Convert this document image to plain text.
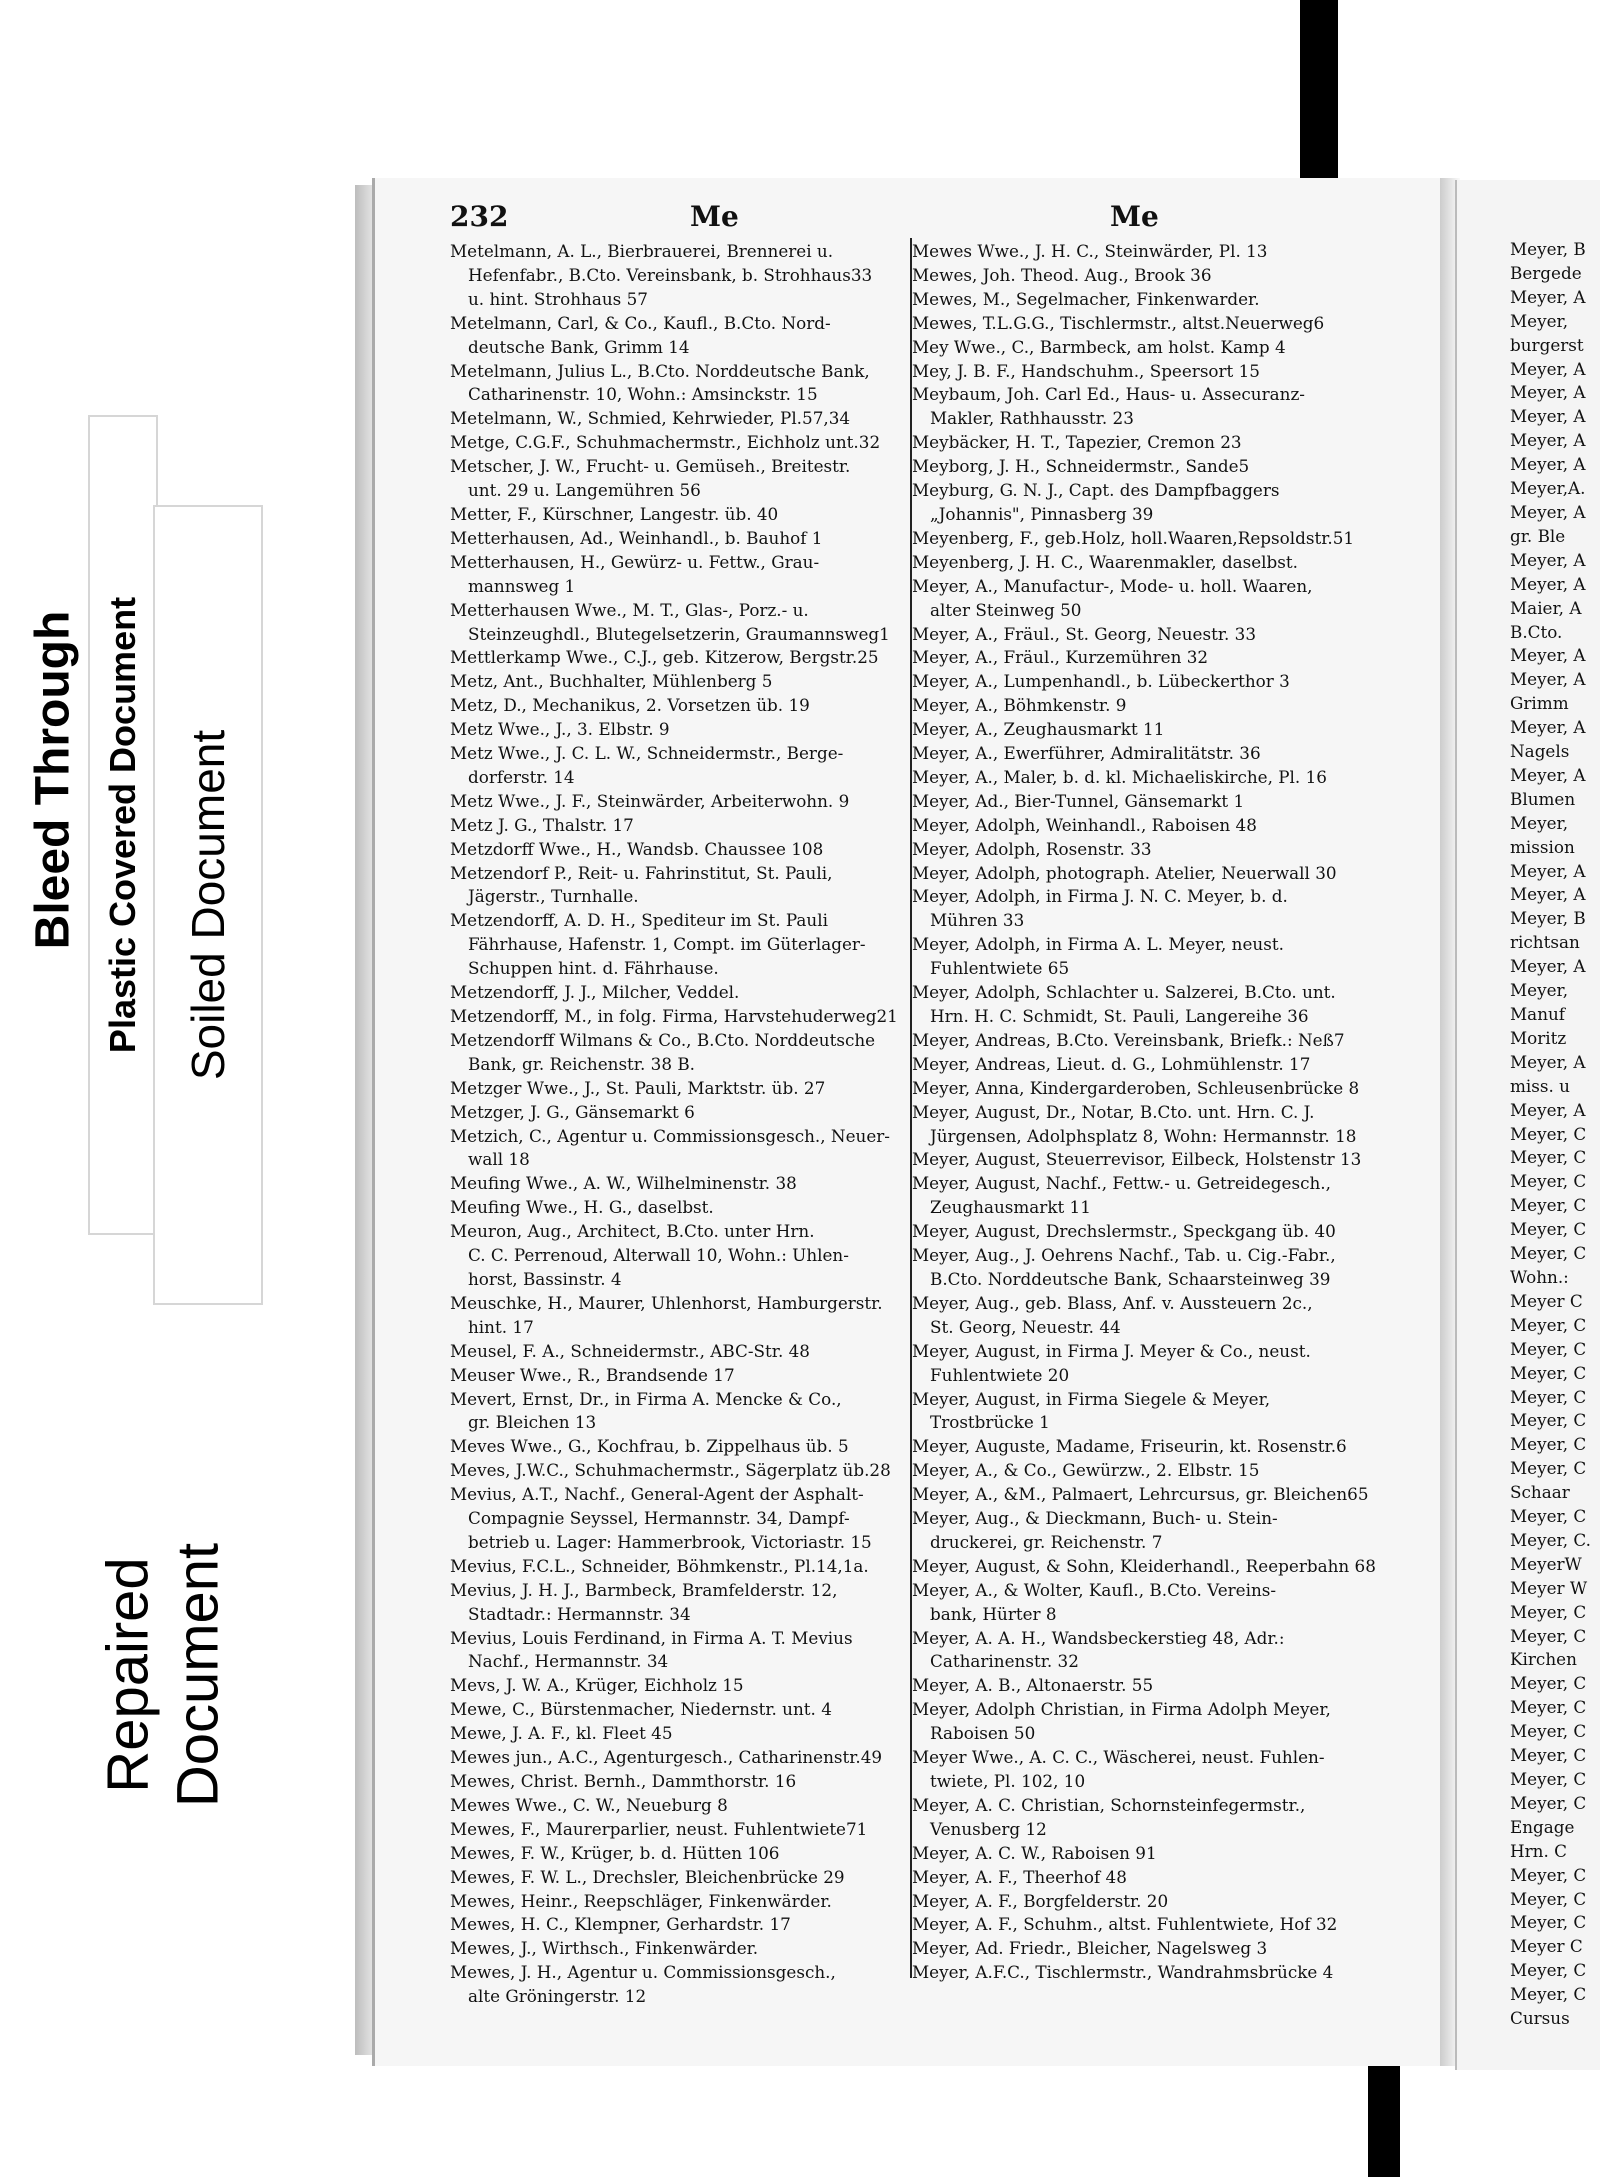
Bleed Through Plastic Covered Document Soiled Document
Repaired Document
232	Me	Me

Metelmann, A. L., Bierbrauerei, Brennerei u.

Hefenfabr., B.Cto. Vereinsbank, b. Strohhaus33

u. hint. Strohhaus 57

Metelmann, Carl, & Co., Kaufl., B.Cto. Nord-

deutsche Bank, Grimm 14

Metelmann, Julius L., B.Cto. Norddeutsche Bank,

Catharinenstr. 10, Wohn.: Amsinckstr. 15

Metelmann, W., Schmied, Kehrwieder, Pl.57,34

Metge, C.G.F., Schuhmachermstr., Eichholz unt.32

Metscher, J. W., Frucht- u. Gemüseh., Breitestr.

unt. 29 u. Langemühren 56

Metter, F., Kürschner, Langestr. üb. 40

Metterhausen, Ad., Weinhandl., b. Bauhof 1

Metterhausen, H., Gewürz- u. Fettw., Grau-

mannsweg 1

Metterhausen Wwe., M. T., Glas-, Porz.- u.

Steinzeughdl., Blutegelsetzerin, Graumannsweg1

Mettlerkamp Wwe., C.J., geb. Kitzerow, Bergstr.25

Metz, Ant., Buchhalter, Mühlenberg 5

Metz, D., Mechanikus, 2. Vorsetzen üb. 19

Metz Wwe., J., 3. Elbstr. 9

Metz Wwe., J. C. L. W., Schneidermstr., Berge-

dorferstr. 14

Metz Wwe., J. F., Steinwärder, Arbeiterwohn. 9

Metz J. G., Thalstr. 17

Metzdorff Wwe., H., Wandsb. Chaussee 108

Metzendorf P., Reit- u. Fahrinstitut, St. Pauli,

Jägerstr., Turnhalle.

Metzendorff, A. D. H., Spediteur im St. Pauli

Fährhause, Hafenstr. 1, Compt. im Güterlager-

Schuppen hint. d. Fährhause.

Metzendorff, J. J., Milcher, Veddel.

Metzendorff, M., in folg. Firma, Harvstehuderweg21

Metzendorff Wilmans & Co., B.Cto. Norddeutsche

Bank, gr. Reichenstr. 38 B.

Metzger Wwe., J., St. Pauli, Marktstr. üb. 27

Metzger, J. G., Gänsemarkt 6

Metzich, C., Agentur u. Commissionsgesch., Neuer-

wall 18

Meufing Wwe., A. W., Wilhelminenstr. 38

Meufing Wwe., H. G., daselbst.

Meuron, Aug., Architect, B.Cto. unter Hrn.

C. C. Perrenoud, Alterwall 10, Wohn.: Uhlen-

horst, Bassinstr. 4

Meuschke, H., Maurer, Uhlenhorst, Hamburgerstr.

hint. 17

Meusel, F. A., Schneidermstr., ABC-Str. 48

Meuser Wwe., R., Brandsende 17

Mevert, Ernst, Dr., in Firma A. Mencke & Co.,

gr. Bleichen 13

Meves Wwe., G., Kochfrau, b. Zippelhaus üb. 5

Meves, J.W.C., Schuhmachermstr., Sägerplatz üb.28

Mevius, A.T., Nachf., General-Agent der Asphalt-

Compagnie Seyssel, Hermannstr. 34, Dampf-

betrieb u. Lager: Hammerbrook, Victoriastr. 15

Mevius, F.C.L., Schneider, Böhmkenstr., Pl.14,1a.

Mevius, J. H. J., Barmbeck, Bramfelderstr. 12,

Stadtadr.: Hermannstr. 34

Mevius, Louis Ferdinand, in Firma A. T. Mevius

Nachf., Hermannstr. 34

Mevs, J. W. A., Krüger, Eichholz 15

Mewe, C., Bürstenmacher, Niedernstr. unt. 4

Mewe, J. A. F., kl. Fleet 45

Mewes jun., A.C., Agenturgesch., Catharinenstr.49

Mewes, Christ. Bernh., Dammthorstr. 16

Mewes Wwe., C. W., Neueburg 8

Mewes, F., Maurerparlier, neust. Fuhlentwiete71

Mewes, F. W., Krüger, b. d. Hütten 106

Mewes, F. W. L., Drechsler, Bleichenbrücke 29

Mewes, Heinr., Reepschläger, Finkenwärder.

Mewes, H. C., Klempner, Gerhardstr. 17

Mewes, J., Wirthsch., Finkenwärder.

Mewes, J. H., Agentur u. Commissionsgesch.,

alte Gröningerstr. 12

Mewes Wwe., J. H. C., Steinwärder, Pl. 13

Mewes, Joh. Theod. Aug., Brook 36

Mewes, M., Segelmacher, Finkenwarder.

Mewes, T.L.G.G., Tischlermstr., altst.Neuerweg6

Mey Wwe., C., Barmbeck, am holst. Kamp 4

Mey, J. B. F., Handschuhm., Speersort 15

Meybaum, Joh. Carl Ed., Haus- u. Assecuranz-

Makler, Rathhausstr. 23

Meybäcker, H. T., Tapezier, Cremon 23

Meyborg, J. H., Schneidermstr., Sande5

Meyburg, G. N. J., Capt. des Dampfbaggers

„Johannis", Pinnasberg 39

Meyenberg, F., geb.Holz, holl.Waaren,Repsoldstr.51

Meyenberg, J. H. C., Waarenmakler, daselbst.

Meyer, A., Manufactur-, Mode- u. holl. Waaren,

alter Steinweg 50

Meyer, A., Fräul., St. Georg, Neuestr. 33

Meyer, A., Fräul., Kurzemühren 32

Meyer, A., Lumpenhandl., b. Lübeckerthor 3

Meyer, A., Böhmkenstr. 9

Meyer, A., Zeughausmarkt 11

Meyer, A., Ewerführer, Admiralitätstr. 36

Meyer, A., Maler, b. d. kl. Michaeliskirche, Pl. 16

Meyer, Ad., Bier-Tunnel, Gänsemarkt 1

Meyer, Adolph, Weinhandl., Raboisen 48

Meyer, Adolph, Rosenstr. 33

Meyer, Adolph, photograph. Atelier, Neuerwall 30

Meyer, Adolph, in Firma J. N. C. Meyer, b. d.

Mühren 33

Meyer, Adolph, in Firma A. L. Meyer, neust.

Fuhlentwiete 65

Meyer, Adolph, Schlachter u. Salzerei, B.Cto. unt.

Hrn. H. C. Schmidt, St. Pauli, Langereihe 36

Meyer, Andreas, B.Cto. Vereinsbank, Briefk.: Neß7

Meyer, Andreas, Lieut. d. G., Lohmühlenstr. 17

Meyer, Anna, Kindergarderoben, Schleusenbrücke 8

Meyer, August, Dr., Notar, B.Cto. unt. Hrn. C. J.

Jürgensen, Adolphsplatz 8, Wohn: Hermannstr. 18

Meyer, August, Steuerrevisor, Eilbeck, Holstenstr 13

Meyer, August, Nachf., Fettw.- u. Getreidegesch.,

Zeughausmarkt 11

Meyer, August, Drechslermstr., Speckgang üb. 40

Meyer, Aug., J. Oehrens Nachf., Tab. u. Cig.-Fabr.,

B.Cto. Norddeutsche Bank, Schaarsteinweg 39

Meyer, Aug., geb. Blass, Anf. v. Aussteuern 2c.,

St. Georg, Neuestr. 44

Meyer, August, in Firma J. Meyer & Co., neust.

Fuhlentwiete 20

Meyer, August, in Firma Siegele & Meyer,

Trostbrücke 1

Meyer, Auguste, Madame, Friseurin, kt. Rosenstr.6

Meyer, A., & Co., Gewürzw., 2. Elbstr. 15

Meyer, A., &M., Palmaert, Lehrcursus, gr. Bleichen65

Meyer, Aug., & Dieckmann, Buch- u. Stein-

druckerei, gr. Reichenstr. 7

Meyer, August, & Sohn, Kleiderhandl., Reeperbahn 68

Meyer, A., & Wolter, Kaufl., B.Cto. Vereins-

bank, Hürter 8

Meyer, A. A. H., Wandsbeckerstieg 48, Adr.:

Catharinenstr. 32

Meyer, A. B., Altonaerstr. 55

Meyer, Adolph Christian, in Firma Adolph Meyer,

Raboisen 50

Meyer Wwe., A. C. C., Wäscherei, neust. Fuhlen-

twiete, Pl. 102, 10

Meyer, A. C. Christian, Schornsteinfegermstr.,

Venusberg 12

Meyer, A. C. W., Raboisen 91

Meyer, A. F., Theerhof 48

Meyer, A. F., Borgfelderstr. 20

Meyer, A. F., Schuhm., altst. Fuhlentwiete, Hof 32

Meyer, Ad. Friedr., Bleicher, Nagelsweg 3

Meyer, A.F.C., Tischlermstr., Wandrahmsbrücke 4

Meyer, B

Bergede

Meyer, A

Meyer,

burgerst

Meyer, A

Meyer, A

Meyer, A

Meyer, A

Meyer, A

Meyer,A.

Meyer, A

gr. Ble

Meyer, A

Meyer, A

Maier, A

B.Cto.

Meyer, A

Meyer, A

Grimm

Meyer, A

Nagels

Meyer, A

Blumen

Meyer,

mission

Meyer, A

Meyer, A

Meyer, B

richtsan

Meyer, A

Meyer,

Manuf

Moritz

Meyer, A

miss. u

Meyer, A

Meyer, C

Meyer, C

Meyer, C

Meyer, C

Meyer, C

Meyer, C

Wohn.:

Meyer C

Meyer, C

Meyer, C

Meyer, C

Meyer, C

Meyer, C

Meyer, C

Meyer, C

Schaar

Meyer, C

Meyer, C.

MeyerW

Meyer W

Meyer, C

Meyer, C

Kirchen

Meyer, C

Meyer, C

Meyer, C

Meyer, C

Meyer, C

Meyer, C

Engage

Hrn. C

Meyer, C

Meyer, C

Meyer, C

Meyer C

Meyer, C

Meyer, C

Cursus
